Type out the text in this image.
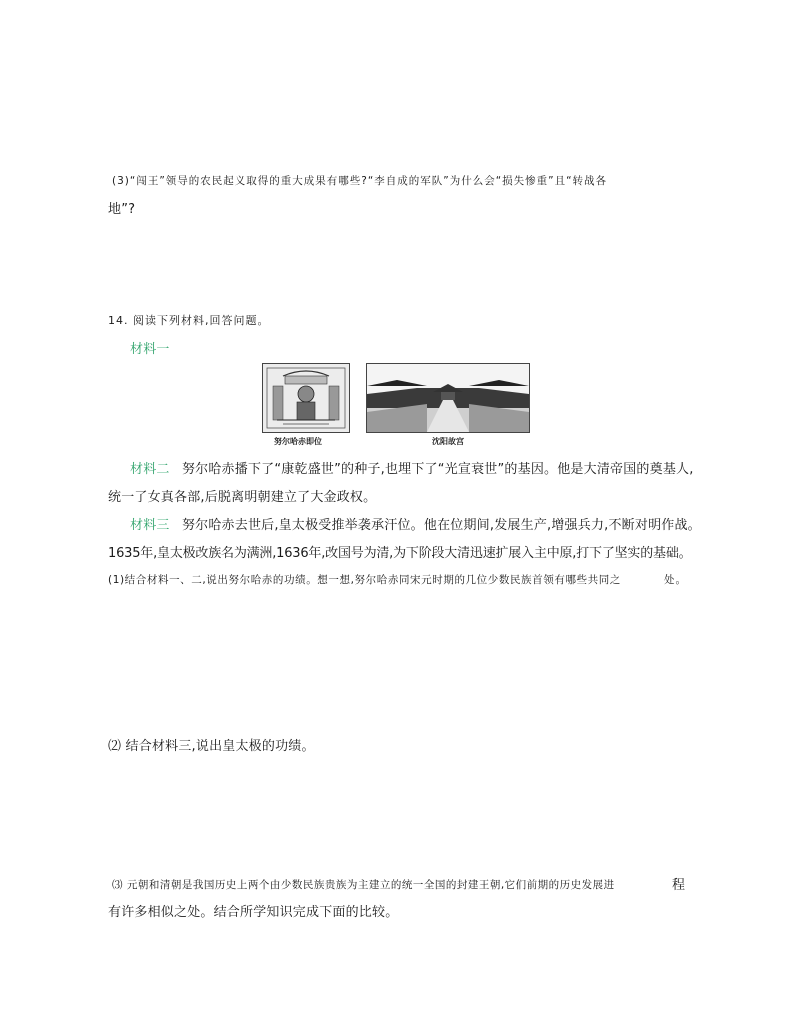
(3)“闯王”领导的农民起义取得的重大成果有哪些?“李自成的军队”为什么会“损失惨重”且“转战各
地”?
14. 阅读下列材料,回答问题。
材料一
努尔哈赤即位	沈阳故宫
材料二 努尔哈赤播下了“康乾盛世”的种子,也埋下了“光宣衰世”的基因。他是大清帝国的奠基人,
统一了女真各部,后脱离明朝建立了大金政权。
材料三 努尔哈赤去世后,皇太极受推举袭承汗位。他在位期间,发展生产,增强兵力,不断对明作战。
1635年,皇太极改族名为满洲,1636年,改国号为清,为下阶段大清迅速扩展入主中原,打下了坚实的基础。
(1)结合材料一、二,说出努尔哈赤的功绩。想一想,努尔哈赤同宋元时期的几位少数民族首领有哪些共同之	处。
⑵ 结合材料三,说出皇太极的功绩。
⑶ 元朝和清朝是我国历史上两个由少数民族贵族为主建立的统一全国的封建王朝,它们前期的历史发展进	程
有许多相似之处。结合所学知识完成下面的比较。
